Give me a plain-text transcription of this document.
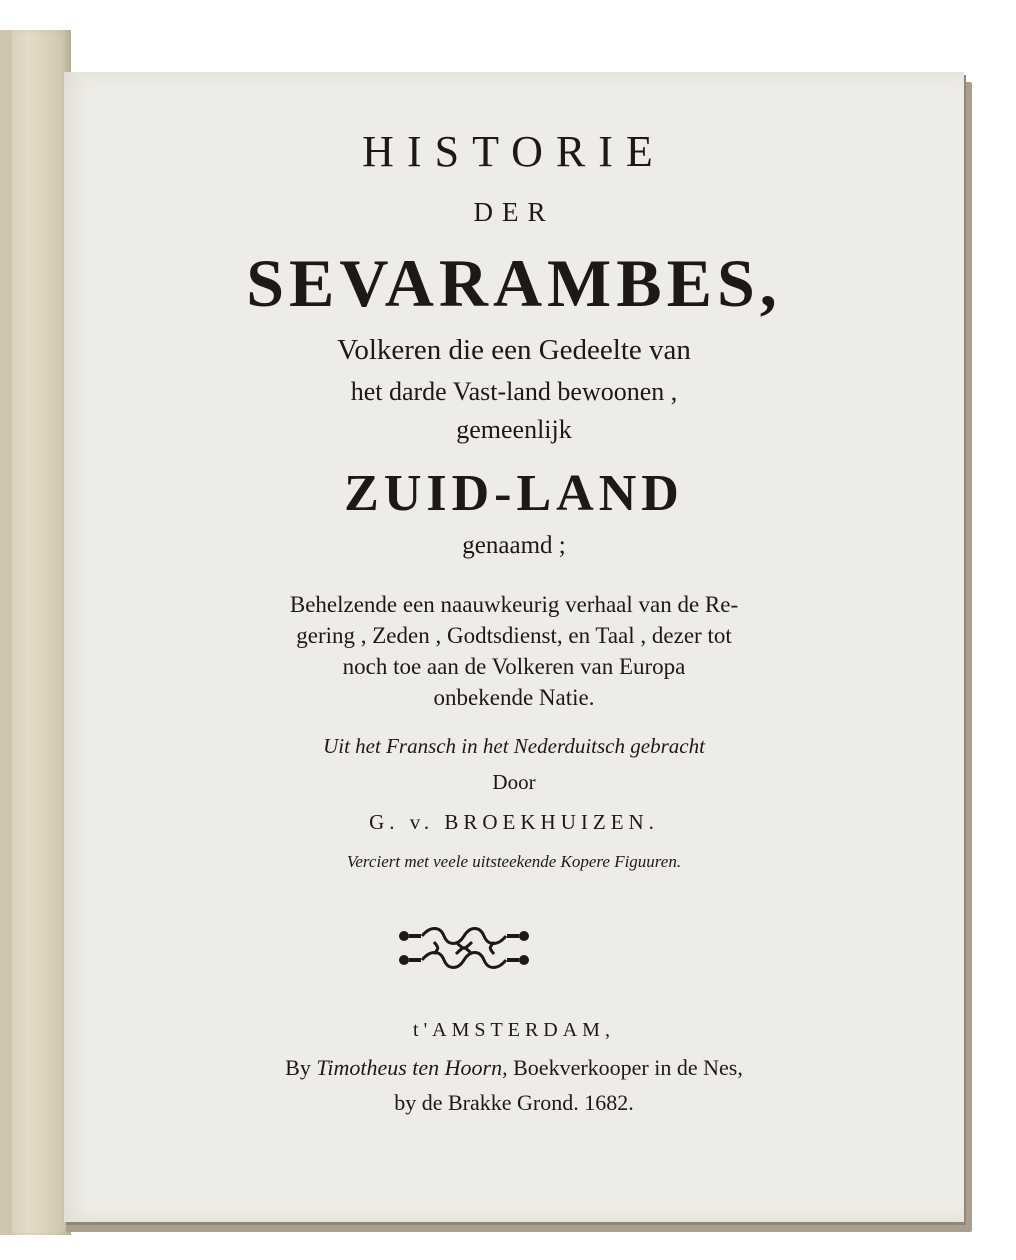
HISTORIE
DER
SEVARAMBES,
Volkeren die een Gedeelte van
het darde Vast-land bewoonen ,
gemeenlijk
ZUID-LAND
genaamd ;
Behelzende een naauwkeurig verhaal van de Re-
gering , Zeden , Godtsdienst, en Taal , dezer tot
noch toe aan de Volkeren van Europa
onbekende Natie.
Uit het Fransch in het Nederduitsch gebracht
Door
G. v. BROEKHUIZEN.
Verciert met veele uitsteekende Kopere Figuuren.
t'AMSTERDAM,
By Timotheus ten Hoorn, Boekverkooper in de Nes,
by de Brakke Grond. 1682.
